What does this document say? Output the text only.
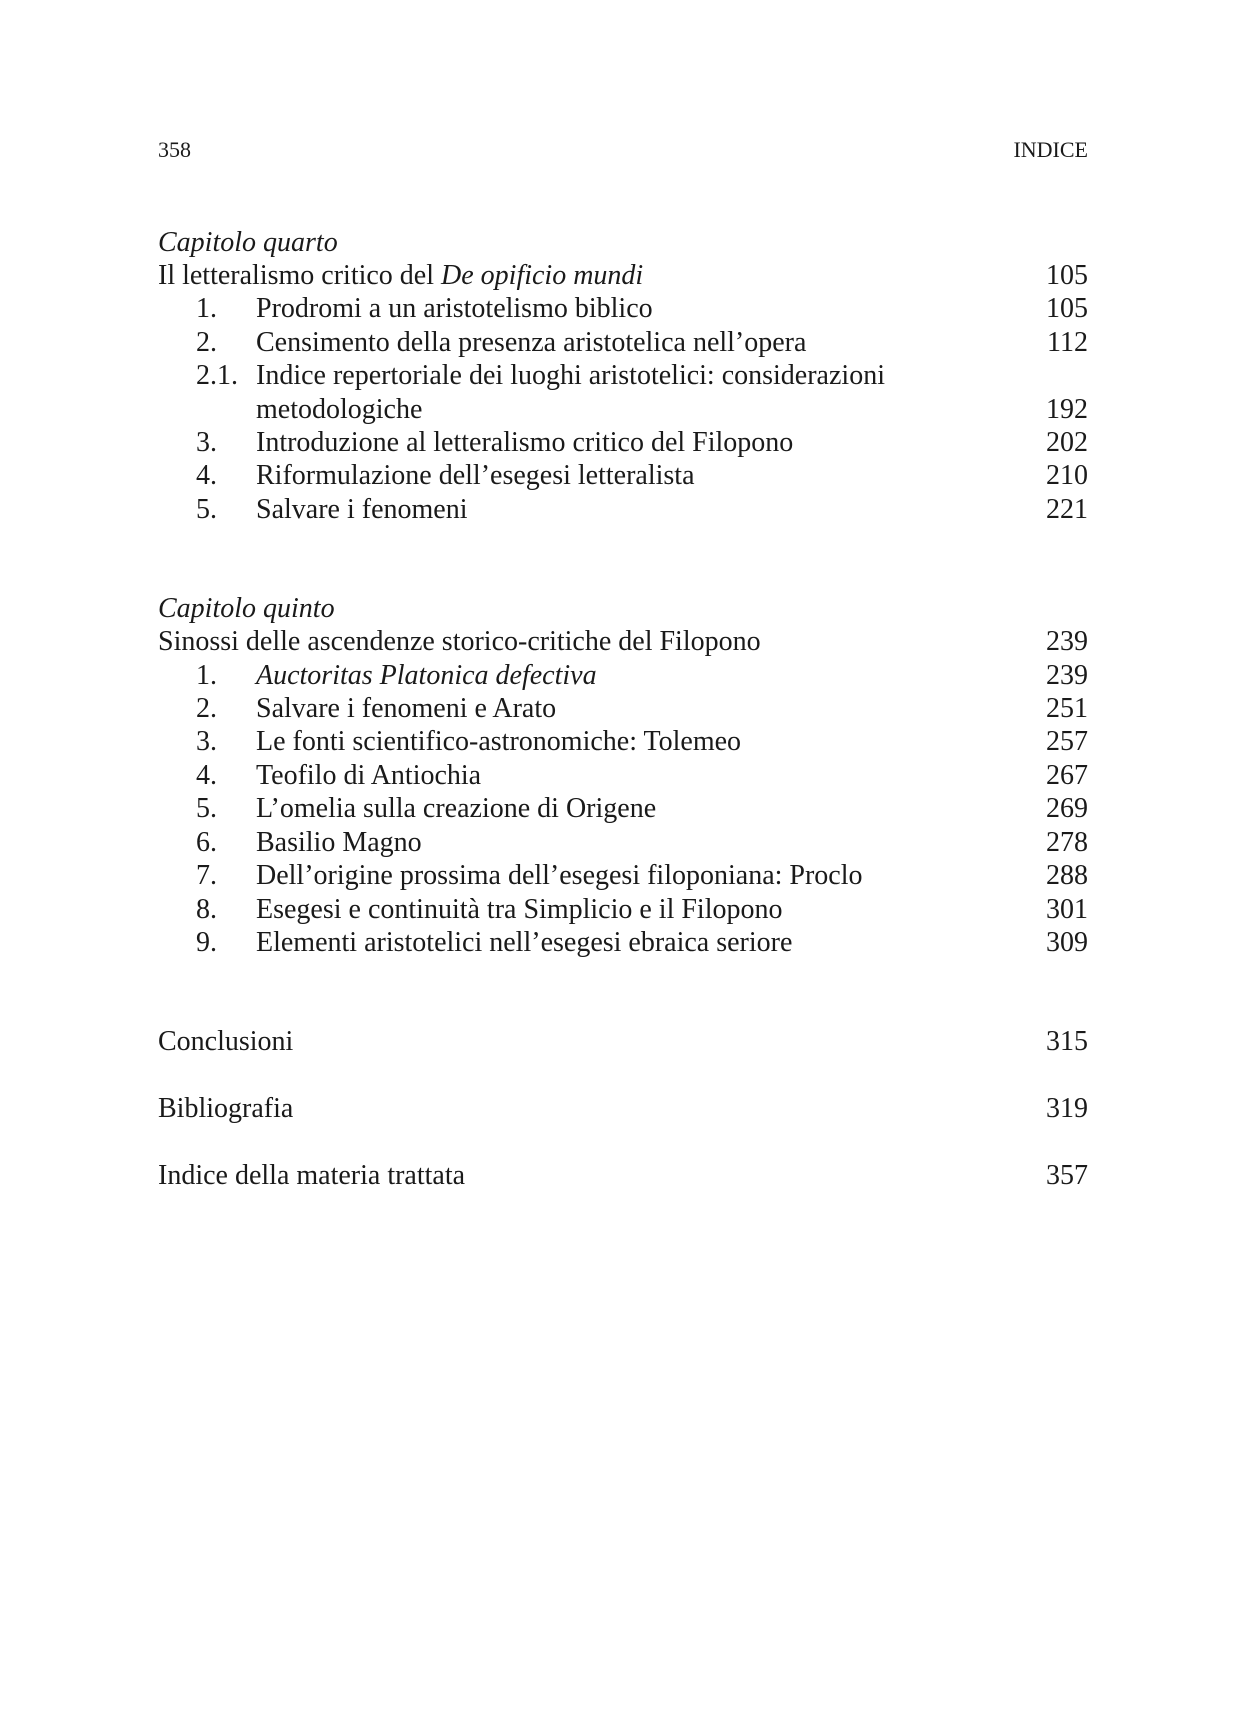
358	INDICE
Capitolo quarto
Il letteralismo critico del De opificio mundi	105
1.	Prodromi a un aristotelismo biblico	105
2.	Censimento della presenza aristotelica nell’opera	112
2.1. Indice repertoriale dei luoghi aristotelici: considerazioni metodologiche	192
3.	Introduzione al letteralismo critico del Filopono	202
4.	Riformulazione dell’esegesi letteralista	210
5.	Salvare i fenomeni	221
Capitolo quinto
Sinossi delle ascendenze storico-critiche del Filopono	239
1.	Auctoritas Platonica defectiva	239
2.	Salvare i fenomeni e Arato	251
3.	Le fonti scientifico-astronomiche: Tolemeo	257
4.	Teofilo di Antiochia	267
5.	L’omelia sulla creazione di Origene	269
6.	Basilio Magno	278
7.	Dell’origine prossima dell’esegesi filoponiana: Proclo	288
8.	Esegesi e continuità tra Simplicio e il Filopono	301
9.	Elementi aristotelici nell’esegesi ebraica seriore	309
Conclusioni	315
Bibliografia	319
Indice della materia trattata	357
